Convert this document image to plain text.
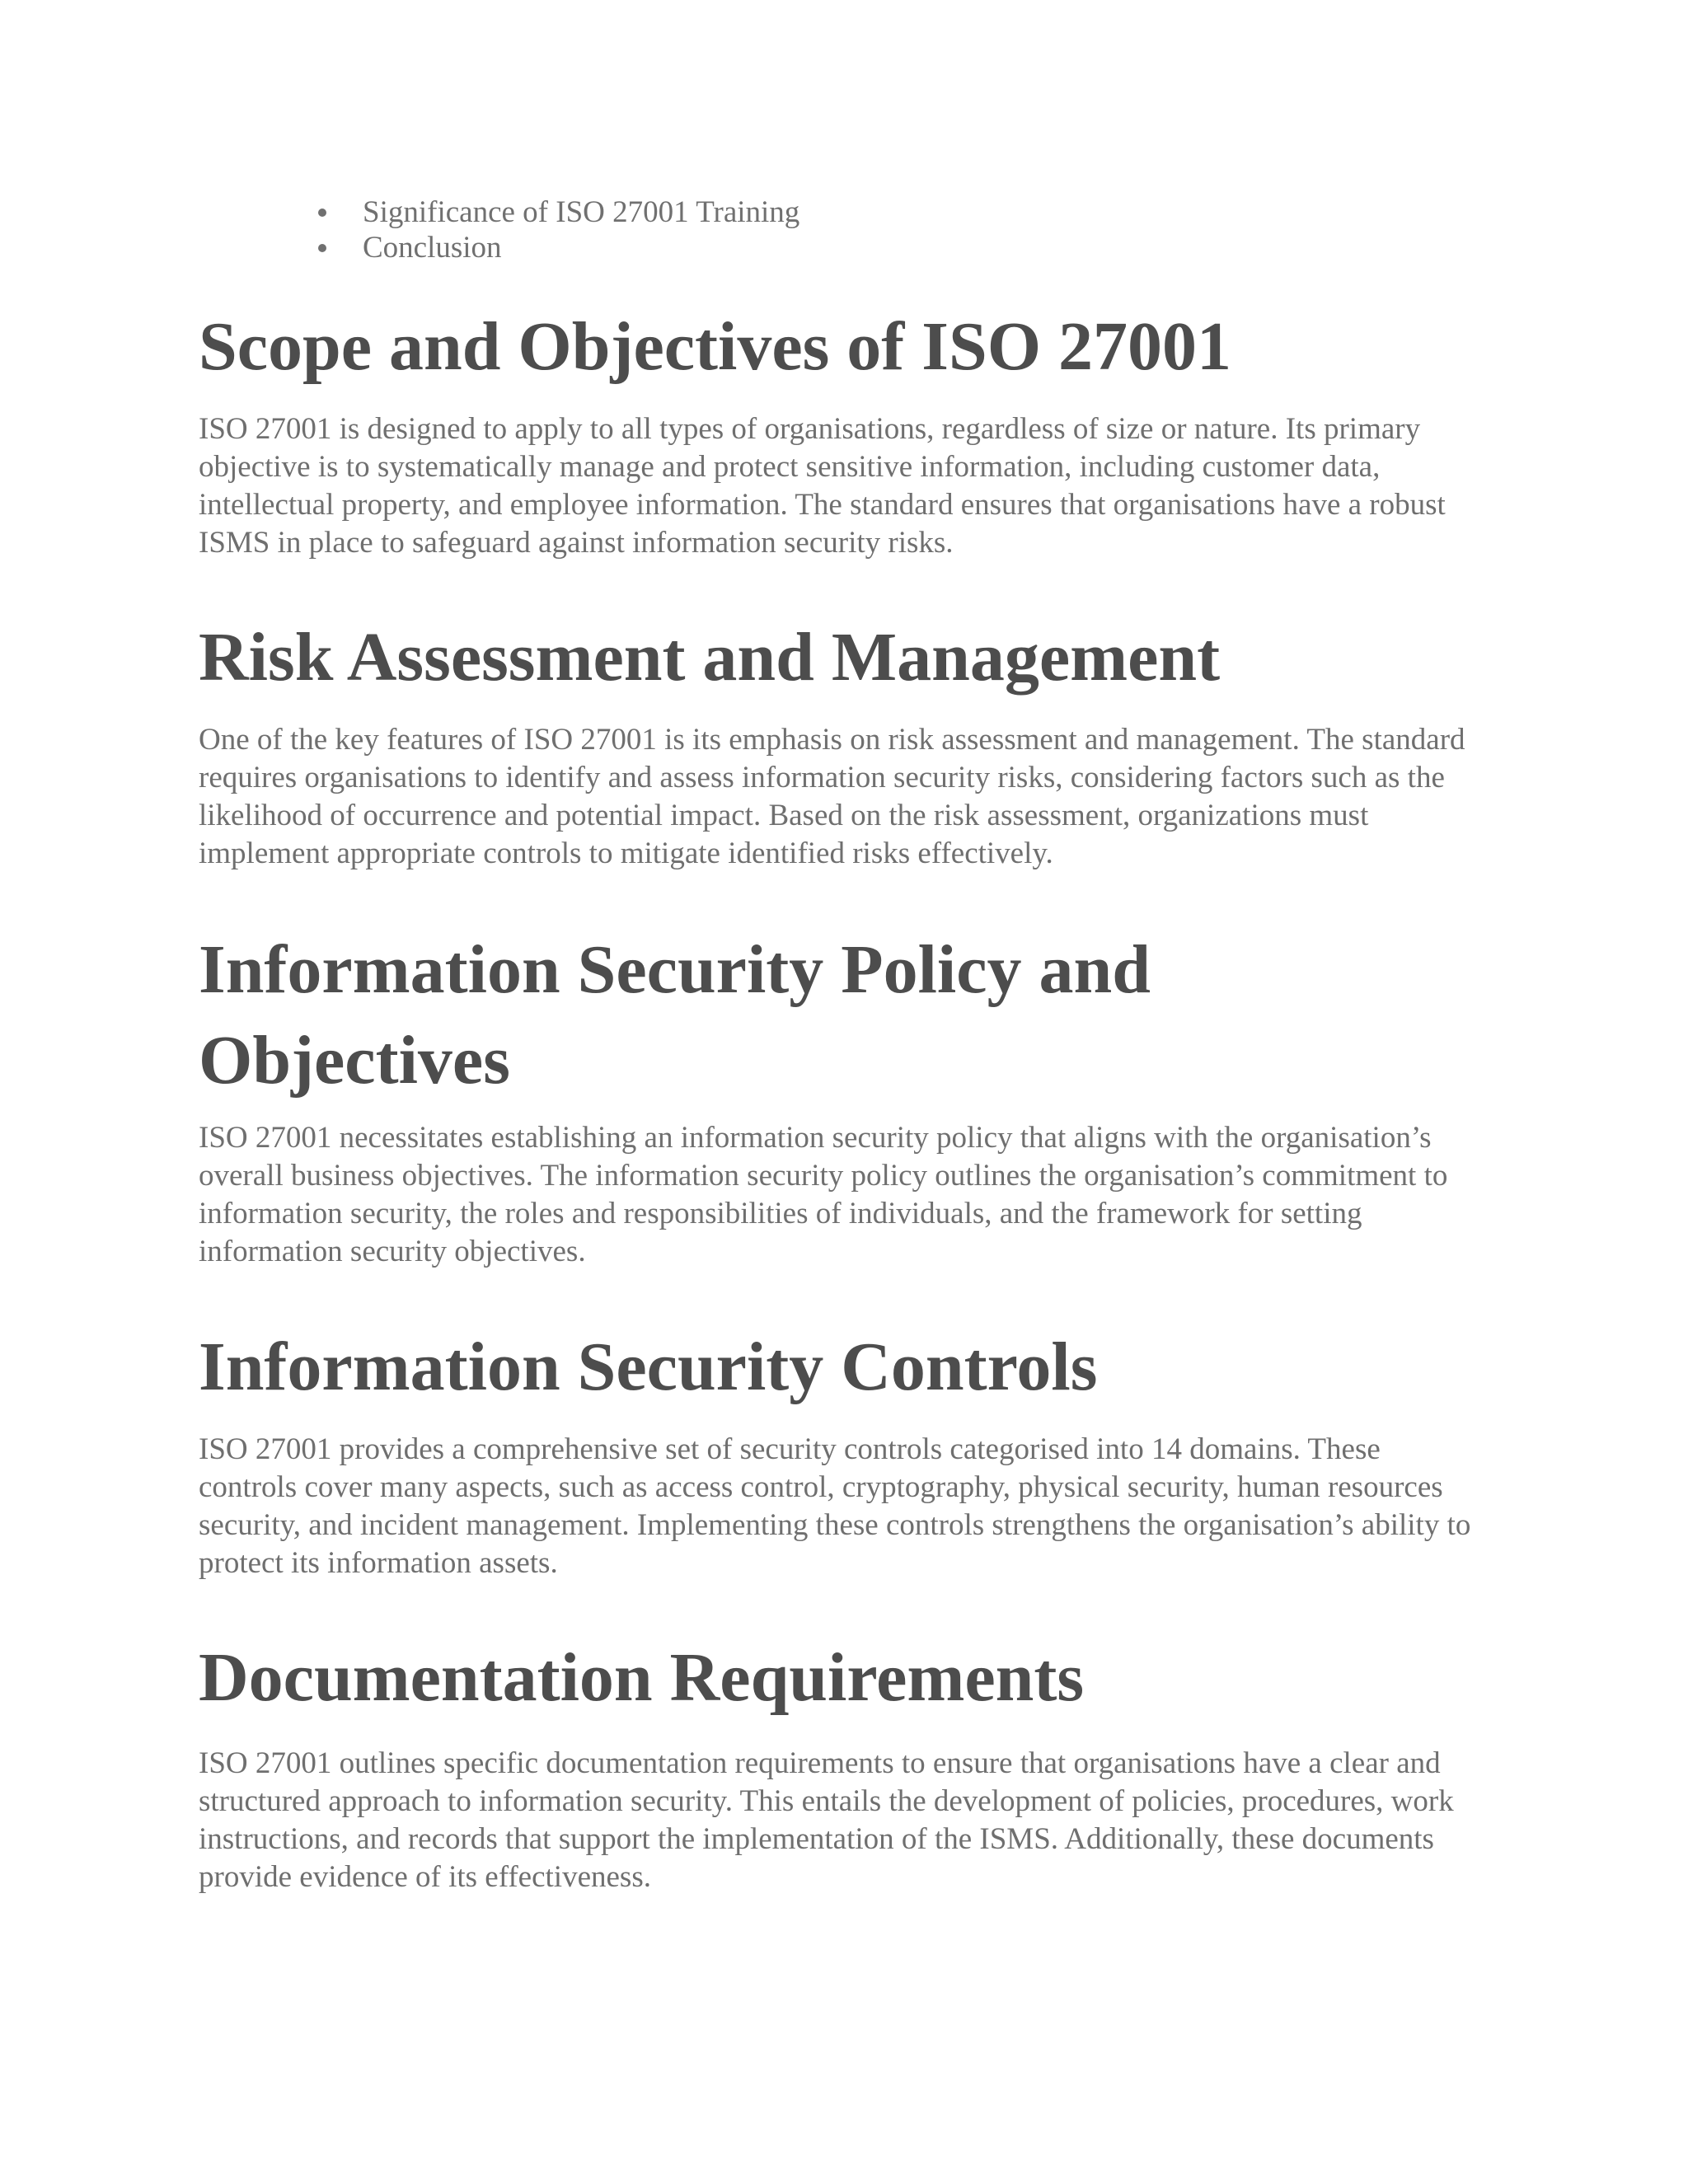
Significance of ISO 27001 Training
Conclusion
Scope and Objectives of ISO 27001

ISO 27001 is designed to apply to all types of organisations, regardless of size or nature. Its primary objective is to systematically manage and protect sensitive information, including customer data, intellectual property, and employee information. The standard ensures that organisations have a robust ISMS in place to safeguard against information security risks.

Risk Assessment and Management

One of the key features of ISO 27001 is its emphasis on risk assessment and management. The standard requires organisations to identify and assess information security risks, considering factors such as the likelihood of occurrence and potential impact. Based on the risk assessment, organizations must implement appropriate controls to mitigate identified risks effectively.

Information Security Policy and Objectives

ISO 27001 necessitates establishing an information security policy that aligns with the organisation’s overall business objectives. The information security policy outlines the organisation’s commitment to information security, the roles and responsibilities of individuals, and the framework for setting information security objectives.

Information Security Controls

ISO 27001 provides a comprehensive set of security controls categorised into 14 domains. These controls cover many aspects, such as access control, cryptography, physical security, human resources security, and incident management. Implementing these controls strengthens the organisation’s ability to protect its information assets.

Documentation Requirements

ISO 27001 outlines specific documentation requirements to ensure that organisations have a clear and structured approach to information security. This entails the development of policies, procedures, work instructions, and records that support the implementation of the ISMS. Additionally, these documents provide evidence of its effectiveness.
